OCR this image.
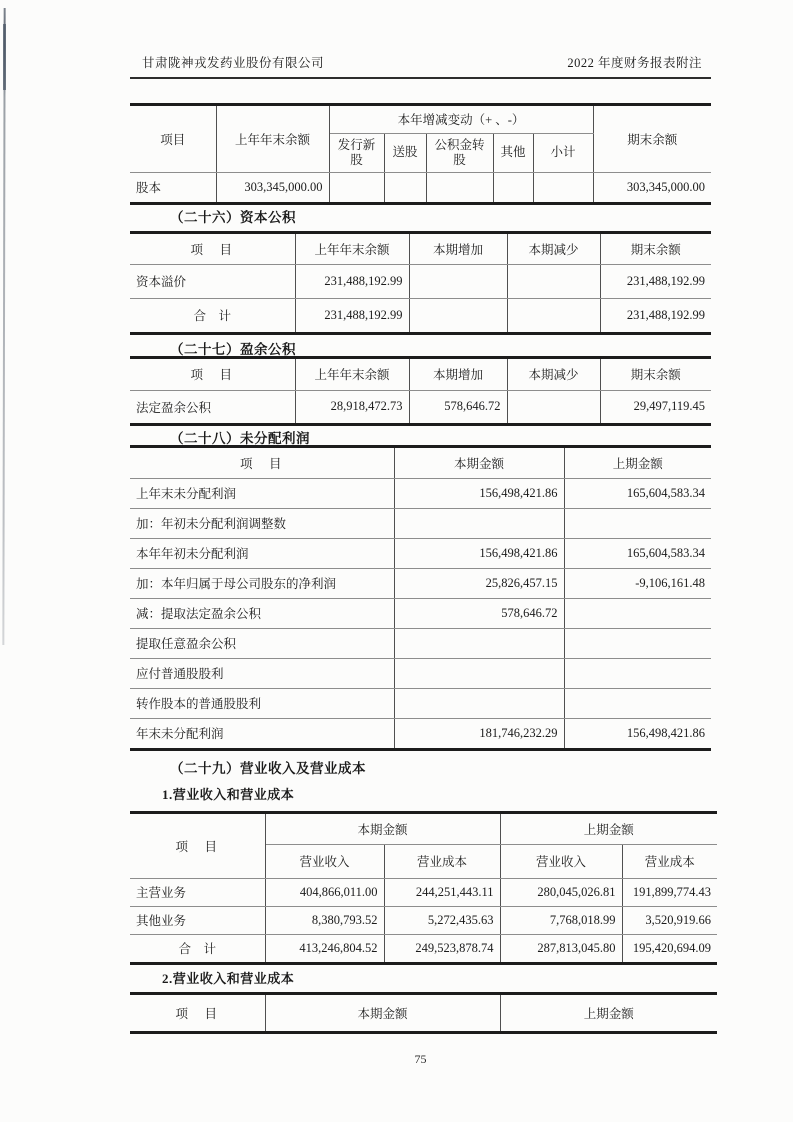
甘肃陇神戎发药业股份有限公司	2022 年度财务报表附注
项目	上年年末余额	本年增减变动（+ 、-）					期末余额
		发行新股	送股	公积金转股	其他	小计	
股本	303,345,000.00						303,345,000.00
（二十六）资本公积
项　目	上年年末余额	本期增加	本期减少	期末余额
资本溢价	231,488,192.99			231,488,192.99
合　计	231,488,192.99			231,488,192.99
（二十七）盈余公积
项　目	上年年末余额	本期增加	本期减少	期末余额
法定盈余公积	28,918,472.73	578,646.72		29,497,119.45
（二十八）未分配利润
项　目	本期金额	上期金额
上年末未分配利润	156,498,421.86	165,604,583.34
加：年初未分配利润调整数		
本年年初未分配利润	156,498,421.86	165,604,583.34
加：本年归属于母公司股东的净利润	25,826,457.15	-9,106,161.48
减：提取法定盈余公积	578,646.72	
提取任意盈余公积		
应付普通股股利		
转作股本的普通股股利		
年末未分配利润	181,746,232.29	156,498,421.86
（二十九）营业收入及营业成本
1.营业收入和营业成本
项　目	本期金额		上期金额	
	营业收入	营业成本	营业收入	营业成本
主营业务	404,866,011.00	244,251,443.11	280,045,026.81	191,899,774.43
其他业务	8,380,793.52	5,272,435.63	7,768,018.99	3,520,919.66
合　计	413,246,804.52	249,523,878.74	287,813,045.80	195,420,694.09
2.营业收入和营业成本
项　目	本期金额	上期金额
75
